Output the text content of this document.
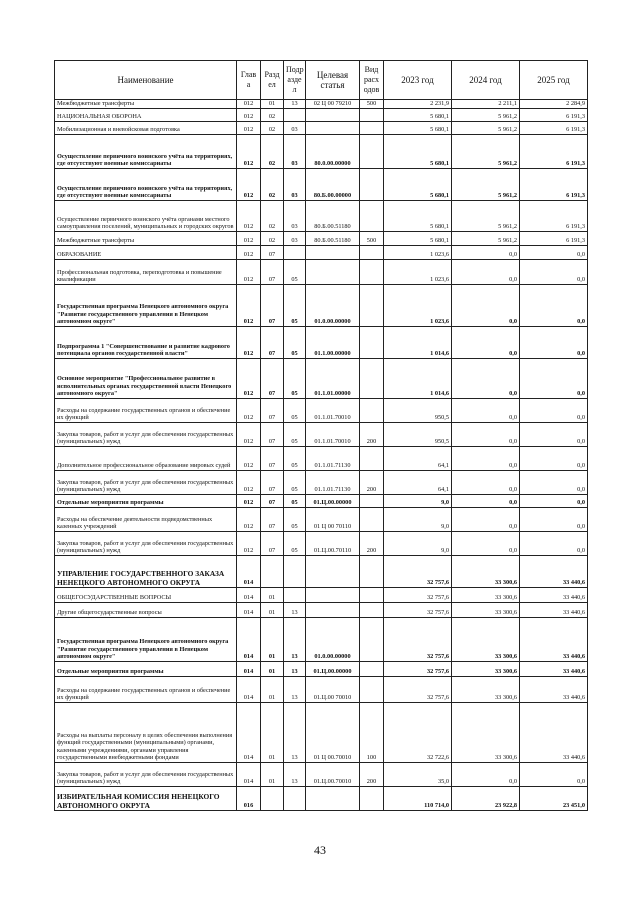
Наименование	Глав а	Разд ел	Подр азде л	Целевая статья	Вид расх одов	2023 год	2024 год	2025 год
Межбюджетные трансферты	012	01	13	02 Ц 00 79210	500	2 231,9	2 211,1	2 284,9
НАЦИОНАЛЬНАЯ ОБОРОНА	012	02				5 680,1	5 961,2	6 191,3
Мобилизационная и вневойсковая подготовка	012	02	03			5 680,1	5 961,2	6 191,3
Осуществление первичного воинского учёта на территориях, где отсутствуют военные комиссариаты	012	02	03	80.0.00.00000		5 680,1	5 961,2	6 191,3
Осуществление первичного воинского учёта на территориях, где отсутствуют военные комиссариаты	012	02	03	80.Б.00.00000		5 680,1	5 961,2	6 191,3
Осуществление первичного воинского учёта органами местного самоуправления поселений, муниципальных и городских округов	012	02	03	80.Б.00.51180		5 680,1	5 961,2	6 191,3
Межбюджетные трансферты	012	02	03	80.Б.00.51180	500	5 680,1	5 961,2	6 191,3
ОБРАЗОВАНИЕ	012	07				1 023,6	0,0	0,0
Профессиональная подготовка, переподготовка и повышение квалификации	012	07	05			1 023,6	0,0	0,0
Государственная программа Ненецкого автономного округа "Развитие государственного управления в Ненецком автономном округе"	012	07	05	01.0.00.00000		1 023,6	0,0	0,0
Подпрограмма 1 "Совершенствование и развитие кадрового потенциала органов государственной власти"	012	07	05	01.1.00.00000		1 014,6	0,0	0,0
Основное мероприятие "Профессиональное развитие в исполнительных органах государственной власти Ненецкого автономного округа"	012	07	05	01.1.01.00000		1 014,6	0,0	0,0
Расходы на содержание государственных органов и обеспечение их функций	012	07	05	01.1.01.70010		950,5	0,0	0,0
Закупка товаров, работ и услуг для обеспечения государственных (муниципальных) нужд	012	07	05	01.1.01.70010	200	950,5	0,0	0,0
Дополнительное профессиональное образование мировых судей	012	07	05	01.1.01.71130		64,1	0,0	0,0
Закупка товаров, работ и услуг для обеспечения государственных (муниципальных) нужд	012	07	05	01.1.01.71130	200	64,1	0,0	0,0
Отдельные мероприятия программы	012	07	05	01.Ц.00.00000		9,0	0,0	0,0
Расходы на обеспечение деятельности подведомственных казенных учреждений	012	07	05	01 Ц 00 70110		9,0	0,0	0,0
Закупка товаров, работ и услуг для обеспечения государственных (муниципальных) нужд	012	07	05	01.Ц.00.70110	200	9,0	0,0	0,0
УПРАВЛЕНИЕ ГОСУДАРСТВЕННОГО ЗАКАЗА НЕНЕЦКОГО АВТОНОМНОГО ОКРУГА	014					32 757,6	33 300,6	33 440,6
ОБЩЕГОСУДАРСТВЕННЫЕ ВОПРОСЫ	014	01				32 757,6	33 300,6	33 440,6
Другие общегосударственные вопросы	014	01	13			32 757,6	33 300,6	33 440,6
Государственная программа Ненецкого автономного округа "Развитие государственного управления в Ненецком автономном округе"	014	01	13	01.0.00.00000		32 757,6	33 300,6	33 440,6
Отдельные мероприятия программы	014	01	13	01.Ц.00.00000		32 757,6	33 300,6	33 440,6
Расходы на содержание государственных органов и обеспечение их функций	014	01	13	01.Ц.00 70010		32 757,6	33 300,6	33 440,6
Расходы на выплаты персоналу в целях обеспечения выполнения функций государственными (муниципальными) органами, казенными учреждениями, органами управления государственными внебюджетными фондами	014	01	13	01 Ц 00.70010	100	32 722,6	33 300,6	33 440,6
Закупка товаров, работ и услуг для обеспечения государственных (муниципальных) нужд	014	01	13	01.Ц.00.70010	200	35,0	0,0	0,0
ИЗБИРАТЕЛЬНАЯ КОМИССИЯ НЕНЕЦКОГО АВТОНОМНОГО ОКРУГА	016					110 714,0	23 922,8	23 451,0
43
